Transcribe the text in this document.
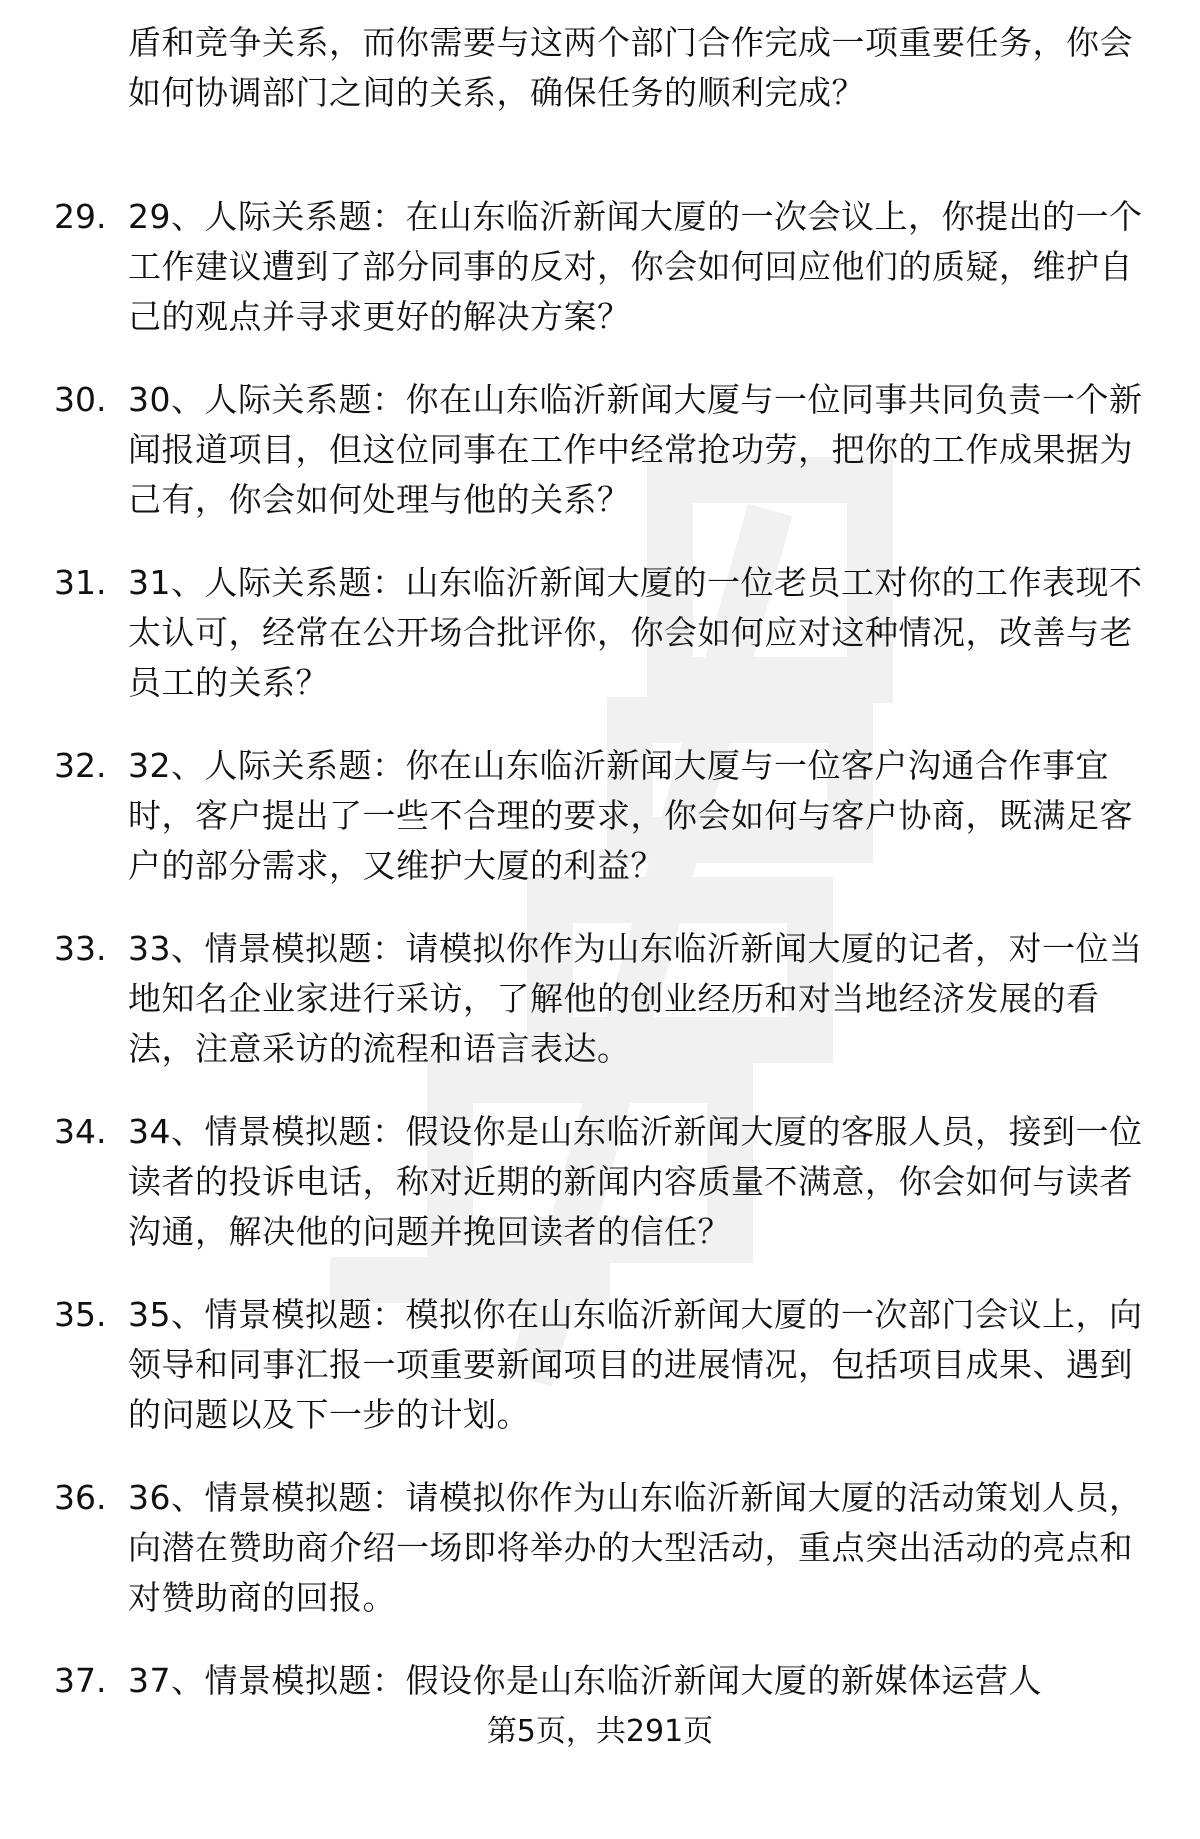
盾和竞争关系，而你需要与这两个部门合作完成一项重要任务，你会如何协调部门之间的关系，确保任务的顺利完成？
29. 29、人际关系题：在山东临沂新闻大厦的一次会议上，你提出的一个工作建议遭到了部分同事的反对，你会如何回应他们的质疑，维护自己的观点并寻求更好的解决方案？
30. 30、人际关系题：你在山东临沂新闻大厦与一位同事共同负责一个新闻报道项目，但这位同事在工作中经常抢功劳，把你的工作成果据为己有，你会如何处理与他的关系？
31. 31、人际关系题：山东临沂新闻大厦的一位老员工对你的工作表现不太认可，经常在公开场合批评你，你会如何应对这种情况，改善与老员工的关系？
32. 32、人际关系题：你在山东临沂新闻大厦与一位客户沟通合作事宜时，客户提出了一些不合理的要求，你会如何与客户协商，既满足客户的部分需求，又维护大厦的利益？
33. 33、情景模拟题：请模拟你作为山东临沂新闻大厦的记者，对一位当地知名企业家进行采访，了解他的创业经历和对当地经济发展的看法，注意采访的流程和语言表达。
34. 34、情景模拟题：假设你是山东临沂新闻大厦的客服人员，接到一位读者的投诉电话，称对近期的新闻内容质量不满意，你会如何与读者沟通，解决他的问题并挽回读者的信任？
35. 35、情景模拟题：模拟你在山东临沂新闻大厦的一次部门会议上，向领导和同事汇报一项重要新闻项目的进展情况，包括项目成果、遇到的问题以及下一步的计划。
36. 36、情景模拟题：请模拟你作为山东临沂新闻大厦的活动策划人员，向潜在赞助商介绍一场即将举办的大型活动，重点突出活动的亮点和对赞助商的回报。
37. 37、情景模拟题：假设你是山东临沂新闻大厦的新媒体运营人
第5页，共291页
